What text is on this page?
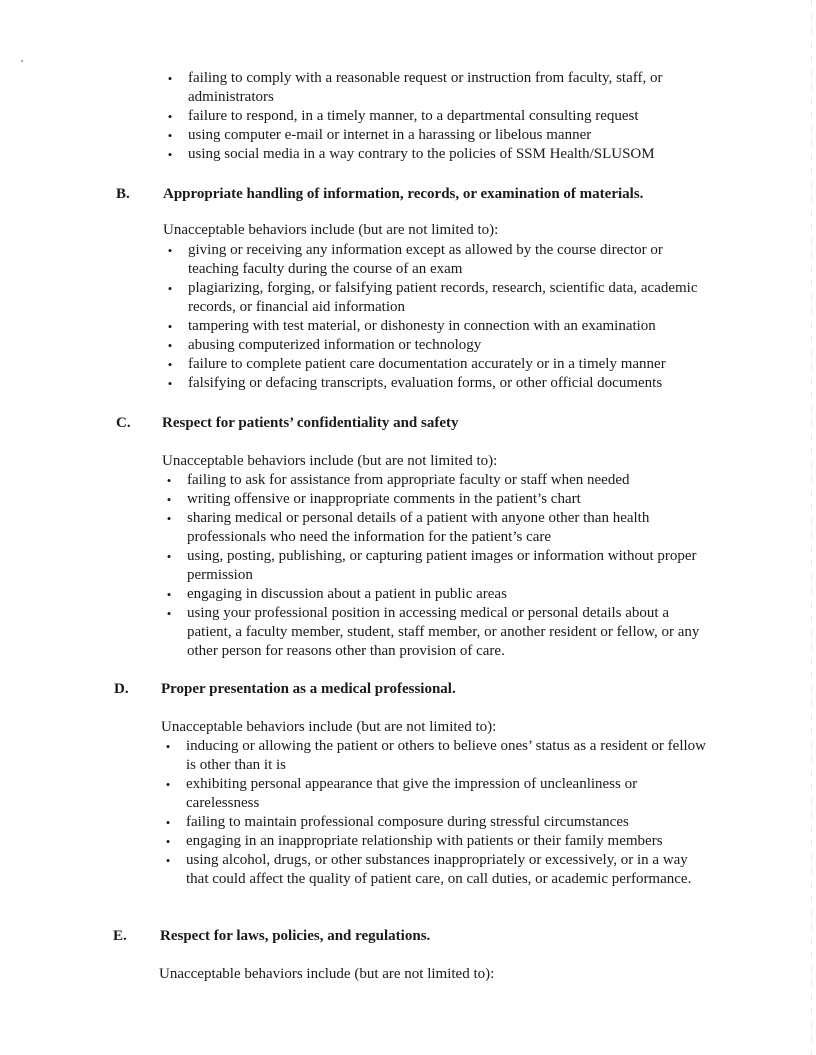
• failing to comply with a reasonable request or instruction from faculty, staff, or administrators
• failure to respond, in a timely manner, to a departmental consulting request
• using computer e-mail or internet in a harassing or libelous manner
• using social media in a way contrary to the policies of SSM Health/SLUSOM
B. Appropriate handling of information, records, or examination of materials.
Unacceptable behaviors include (but are not limited to):
• giving or receiving any information except as allowed by the course director or teaching faculty during the course of an exam
• plagiarizing, forging, or falsifying patient records, research, scientific data, academic records, or financial aid information
• tampering with test material, or dishonesty in connection with an examination
• abusing computerized information or technology
• failure to complete patient care documentation accurately or in a timely manner
• falsifying or defacing transcripts, evaluation forms, or other official documents
C. Respect for patients’ confidentiality and safety
Unacceptable behaviors include (but are not limited to):
• failing to ask for assistance from appropriate faculty or staff when needed
• writing offensive or inappropriate comments in the patient’s chart
• sharing medical or personal details of a patient with anyone other than health professionals who need the information for the patient’s care
• using, posting, publishing, or capturing patient images or information without proper permission
• engaging in discussion about a patient in public areas
• using your professional position in accessing medical or personal details about a patient, a faculty member, student, staff member, or another resident or fellow, or any other person for reasons other than provision of care.
D. Proper presentation as a medical professional.
Unacceptable behaviors include (but are not limited to):
• inducing or allowing the patient or others to believe ones’ status as a resident or fellow is other than it is
• exhibiting personal appearance that give the impression of uncleanliness or carelessness
• failing to maintain professional composure during stressful circumstances
• engaging in an inappropriate relationship with patients or their family members
• using alcohol, drugs, or other substances inappropriately or excessively, or in a way that could affect the quality of patient care, on call duties, or academic performance.
E. Respect for laws, policies, and regulations.
Unacceptable behaviors include (but are not limited to):
